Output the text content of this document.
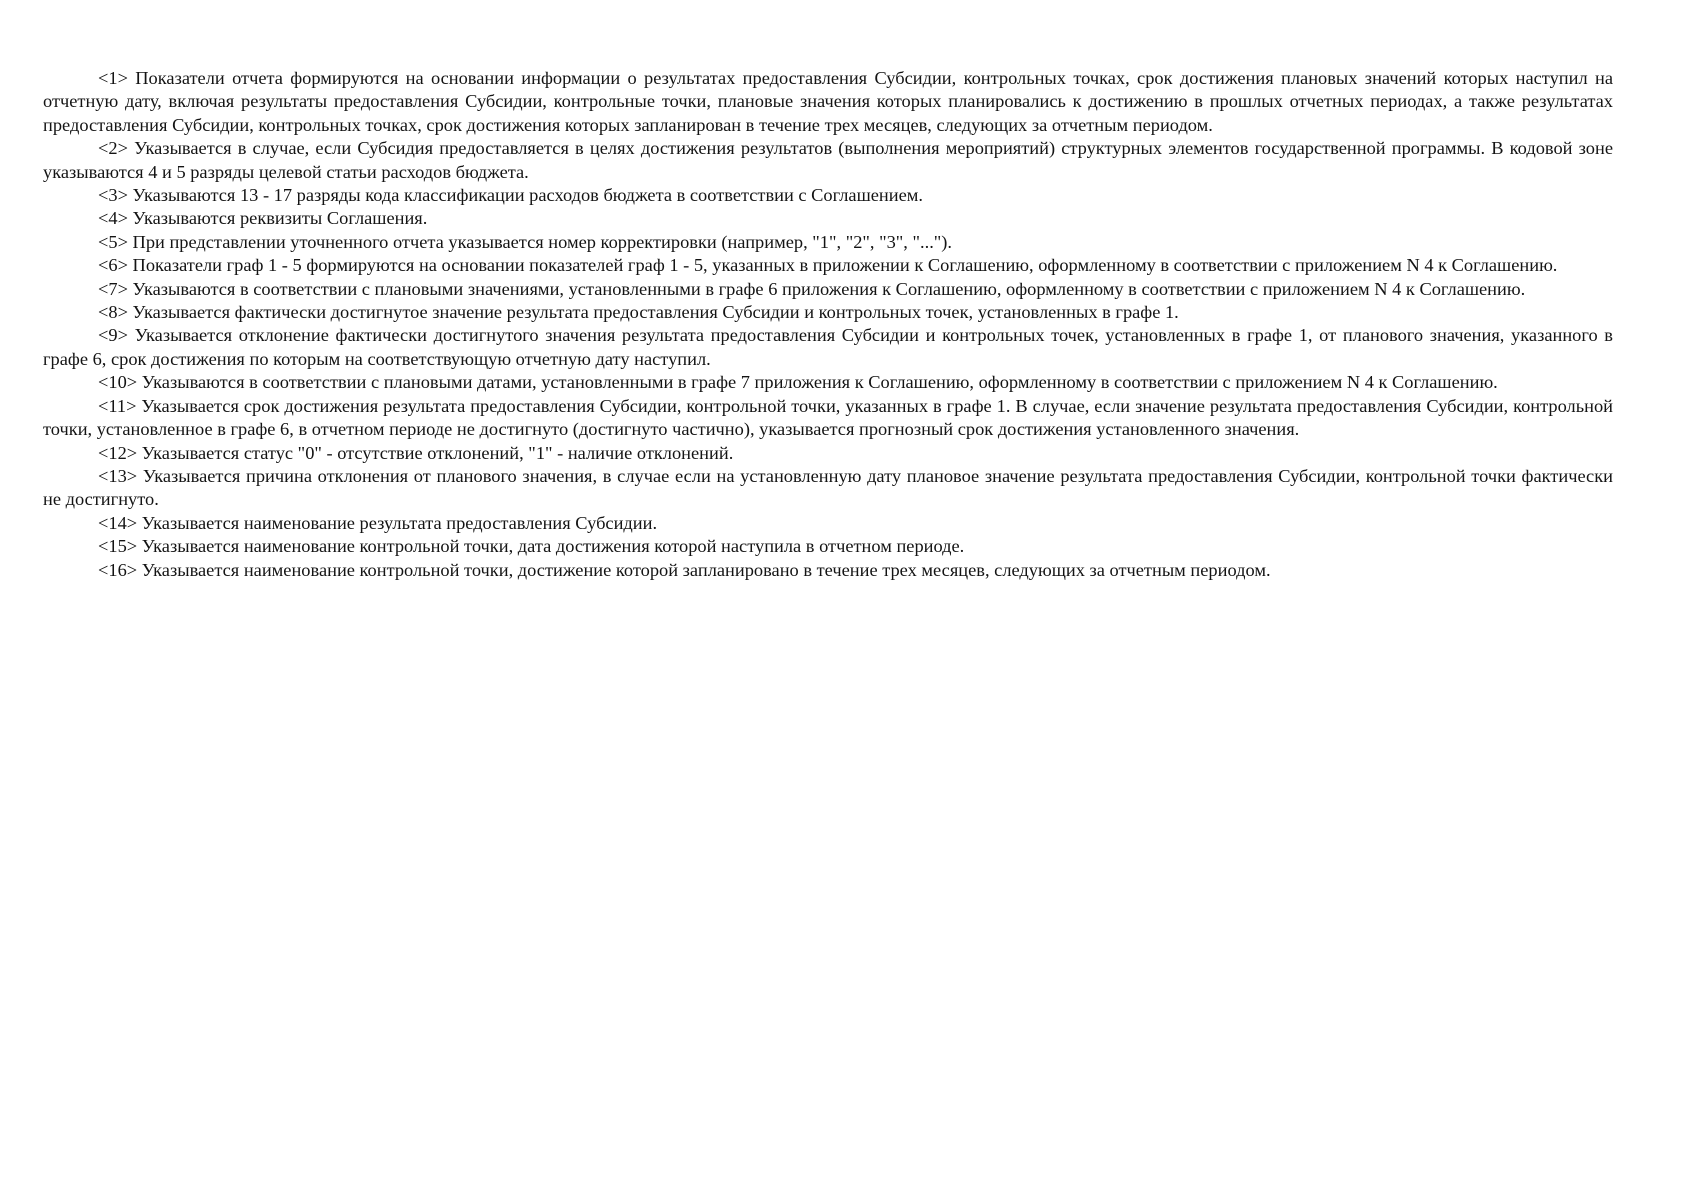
<1> Показатели отчета формируются на основании информации о результатах предоставления Субсидии, контрольных точках, срок достижения плановых значений которых наступил на отчетную дату, включая результаты предоставления Субсидии, контрольные точки, плановые значения которых планировались к достижению в прошлых отчетных периодах, а также результатах предоставления Субсидии, контрольных точках, срок достижения которых запланирован в течение трех месяцев, следующих за отчетным периодом.

<2> Указывается в случае, если Субсидия предоставляется в целях достижения результатов (выполнения мероприятий) структурных элементов государственной программы. В кодовой зоне указываются 4 и 5 разряды целевой статьи расходов бюджета.

<3> Указываются 13 - 17 разряды кода классификации расходов бюджета в соответствии с Соглашением.

<4> Указываются реквизиты Соглашения.

<5> При представлении уточненного отчета указывается номер корректировки (например, "1", "2", "3", "...").

<6> Показатели граф 1 - 5 формируются на основании показателей граф 1 - 5, указанных в приложении к Соглашению, оформленному в соответствии с приложением N 4 к Соглашению.

<7> Указываются в соответствии с плановыми значениями, установленными в графе 6 приложения к Соглашению, оформленному в соответствии с приложением N 4 к Соглашению.

<8> Указывается фактически достигнутое значение результата предоставления Субсидии и контрольных точек, установленных в графе 1.

<9> Указывается отклонение фактически достигнутого значения результата предоставления Субсидии и контрольных точек, установленных в графе 1, от планового значения, указанного в графе 6, срок достижения по которым на соответствующую отчетную дату наступил.

<10> Указываются в соответствии с плановыми датами, установленными в графе 7 приложения к Соглашению, оформленному в соответствии с приложением N 4 к Соглашению.

<11> Указывается срок достижения результата предоставления Субсидии, контрольной точки, указанных в графе 1. В случае, если значение результата предоставления Субсидии, контрольной точки, установленное в графе 6, в отчетном периоде не достигнуто (достигнуто частично), указывается прогнозный срок достижения установленного значения.

<12> Указывается статус "0" - отсутствие отклонений, "1" - наличие отклонений.

<13> Указывается причина отклонения от планового значения, в случае если на установленную дату плановое значение результата предоставления Субсидии, контрольной точки фактически не достигнуто.

<14> Указывается наименование результата предоставления Субсидии.

<15> Указывается наименование контрольной точки, дата достижения которой наступила в отчетном периоде.

<16> Указывается наименование контрольной точки, достижение которой запланировано в течение трех месяцев, следующих за отчетным периодом.
